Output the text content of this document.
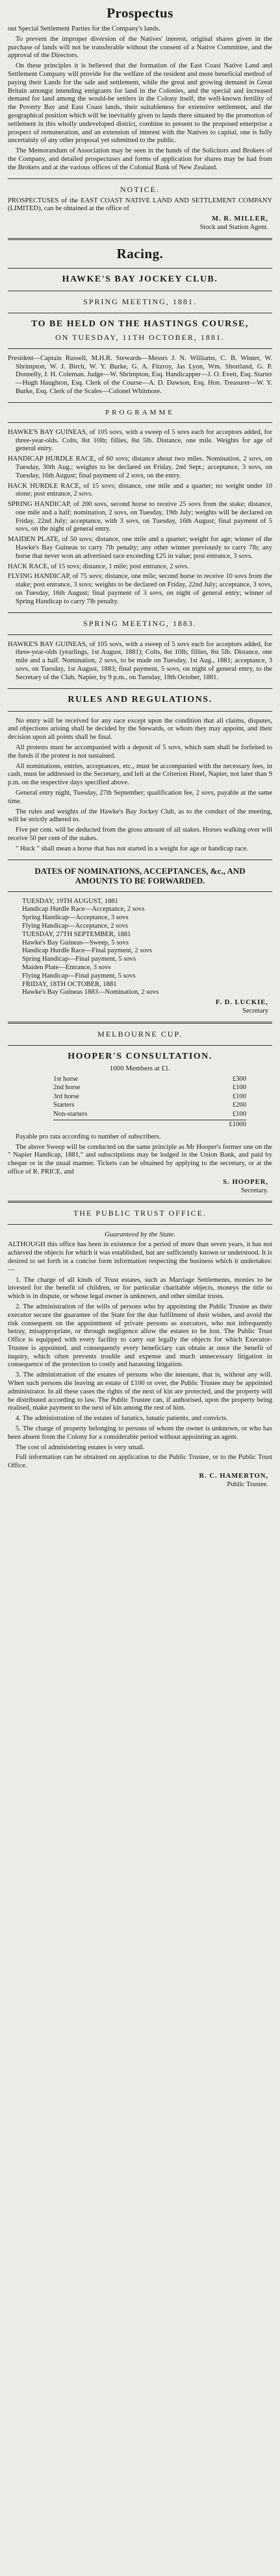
Prospectus

out Special Settlement Parties for the Company's lands.

To prevent the improper diversion of the Natives' interest, original shares given in the purchase of lands will not be transferable without the consent of a Native Committee, and the approval of the Directors.

On these principles it is believed that the formation of the East Coast Native Land and Settlement Company will provide for the welfare of the resident and more beneficial method of paying their Lands for the sale and settlement, while the great and growing demand in Great Britain amongst intending emigrants for land in the Colonies, and the special and increased demand for land among the would-be settlers in the Colony itself, the well-known fertility of the Poverty Bay and East Coast lands, their suitableness for extensive settlement, and the geographical position which will be inevitably given to lands there situated by the promotion of settlement in this wholly undeveloped district, combine to present to the proposed enterprise a prospect of remuneration, and an extension of interest with the Natives to capital, one is fully uncertainly of any other proposal yet submitted to the public.

The Memorandum of Association may be seen in the hands of the Solicitors and Brokers of the Company, and detailed prospectuses and forms of application for shares may be had from the Brokers and at the various offices of the Colonial Bank of New Zealand.

NOTICE.

PROSPECTUSES of the EAST COAST NATIVE LAND AND SETTLEMENT COMPANY (LIMITED), can be obtained at the office of

M. R. MILLER,
Stock and Station Agent.
Racing.
HAWKE'S BAY JOCKEY CLUB.
SPRING MEETING, 1881.
TO BE HELD ON THE HASTINGS COURSE,
ON TUESDAY, 11TH OCTOBER, 1881.

President—Captain Russell, M.H.R. Stewards—Messrs J. N. Williams, C. B. Winter, W. Shrimpton, W. J. Birch, W. Y. Burke, G. A. Fitzroy, Jas Lyon, Wm. Shortland, G. P. Donnelly, J. H. Coleman. Judge—W. Shrimpton, Esq. Handicapper—J. O. Evett, Esq. Starter—Hugh Haughton, Esq. Clerk of the Course—A. D. Dawson, Esq. Hon. Treasurer—W. Y. Burke, Esq. Clerk of the Scales—Colonel Whitmore.

PROGRAMME

HAWKE'S BAY GUINEAS, of 105 sovs, with a sweep of 5 sovs each for acceptors added, for three-year-olds. Colts, 8st 10lb; fillies, 8st 5lb. Distance, one mile. Weights for age of general entry.

HANDICAP HURDLE RACE, of 60 sovs; distance about two miles. Nomination, 2 sovs, on Tuesday, 30th Aug.; weights to be declared on Friday, 2nd Sept.; acceptance, 3 sovs, on Tuesday, 16th August; final payment of 2 sovs, on the entry.

HACK HURDLE RACE, of 15 sovs; distance, one mile and a quarter; no weight under 10 stone; post entrance, 2 sovs.

SPRING HANDICAP, of 200 sovs, second horse to receive 25 sovs from the stake; distance, one mile and a half; nomination, 2 sovs, on Tuesday, 19th July; weights will be declared on Friday, 22nd July; acceptance, with 3 sovs, on Tuesday, 16th August; final payment of 5 sovs, on the night of general entry.

MAIDEN PLATE, of 50 sovs; distance, one mile and a quarter; weight for age; winner of the Hawke's Bay Guineas to carry 7lb penalty; any other winner previously to carry 7lb; any horse that never won an advertised race exceeding £25 in value; post entrance, 3 sovs.

HACK RACE, of 15 sovs; distance, 1 mile; post entrance, 2 sovs.

FLYING HANDICAP, of 75 sovs; distance, one mile; second horse to receive 10 sovs from the stake; post entrance, 3 sovs; weights to be declared on Friday, 22nd July; acceptance, 3 sovs, on Tuesday, 16th August; final payment of 3 sovs, on night of general entry; winner of Spring Handicap to carry 7lb penalty.

SPRING MEETING, 1883.

HAWKE'S BAY GUINEAS, of 105 sovs, with a sweep of 5 sovs each for acceptors added, for three-year-olds (yearlings, 1st August, 1881); Colts, 8st 10lb; fillies, 8st 5lb. Distance, one mile and a half. Nomination, 2 sovs, to be made on Tuesday, 1st Aug., 1881; acceptance, 3 sovs, on Tuesday, 1st August, 1883; final payment, 5 sovs, on night of general entry, to the Secretary of the Club, Napier, by 9 p.m., on Tuesday, 18th October, 1881.

RULES AND REGULATIONS.

No entry will be received for any race except upon the condition that all claims, disputes, and objections arising shall be decided by the Stewards, or whom they may appoint, and their decision upon all points shall be final.

All protests must be accompanied with a deposit of 5 sovs, which sum shall be forfeited to the funds if the protest is not sustained.

All nominations, entries, acceptances, etc., must be accompanied with the necessary fees, in cash, must be addressed to the Secretary, and left at the Criterion Hotel, Napier, not later than 9 p.m. on the respective days specified above.

General entry night, Tuesday, 27th September; qualification fee, 2 sovs, payable at the same time.

The rules and weights of the Hawke's Bay Jockey Club, as to the conduct of the meeting, will be strictly adhered to.

Five per cent. will be deducted from the gross amount of all stakes. Horses walking over will receive 50 per cent of the stakes.

" Huck " shall mean a horse that has not started in a weight for age or handicap race.

DATES OF NOMINATIONS, ACCEPTANCES, &c., AND AMOUNTS TO BE FORWARDED.
TUESDAY, 19TH AUGUST, 1881
Handicap Hurdle Race—Acceptance, 2 sovs
Spring Handicap—Acceptance, 3 sovs
Flying Handicap—Acceptance, 2 sovs
TUESDAY, 27TH SEPTEMBER, 1881
Hawke's Bay Guineas—Sweep, 5 sovs
Handicap Hurdle Race—Final payment, 2 sovs
Spring Handicap—Final payment, 5 sovs
Maiden Plate—Entrance, 3 sovs
Flying Handicap—Final payment, 5 sovs
FRIDAY, 18TH OCTOBER, 1881
Hawke's Bay Guineas 1883—Nomination, 2 sovs
F. D. LUCKIE,
Secretary
MELBOURNE CUP.
HOOPER'S CONSULTATION.
1000 Members at £1.
1st horse	£300
2nd horse	£100
3rd horse	£100
Starters	£200
Non-starters	£100
£1000

Payable pro rata according to number of subscribers.

The above Sweep will be conducted on the same principle as Mr Hooper's former one on the " Napier Handicap, 1881," and subscriptions may be lodged in the Union Bank, and paid by cheque or in the usual manner. Tickets can be obtained by applying to the secretary, or at the office of R. PRICE, and

S. HOOPER,
Secretary.
THE PUBLIC TRUST OFFICE.
Guaranteed by the State.

ALTHOUGH this office has been in existence for a period of more than seven years, it has not achieved the objects for which it was established, but are sufficiently known or understood. It is desired to set forth in a concise form information respecting the business which it undertakes:—

1. The charge of all kinds of Trust estates, such as Marriage Settlements, monies to be invested for the benefit of children, or for particular charitable objects, moneys the title to which is in dispute, or whose legal owner is unknown, and other similar trusts.

2. The administration of the wills of persons who by appointing the Public Trustee as their executor secure the guarantee of the State for the due fulfilment of their wishes, and avoid the risk consequent on the appointment of private persons as executors, who not infrequently betray, misappropriate, or through negligence allow the estates to be lost. The Public Trust Office is equipped with every facility to carry out legally the objects for which Executor-Trustee is appointed, and consequently every beneficiary can obtain at once the benefit of inquiry, which often prevents trouble and expense and much unnecessary litigation in consequence of the protection to costly and harassing litigation.

3. The administration of the estates of persons who die intestate, that is, without any will. When such persons die leaving an estate of £100 or over, the Public Trustee may be appointed administrator. In all these cases the rights of the next of kin are protected, and the property will be distributed according to law. The Public Trustee can, if authorised, upon the property being realised, make payment to the next of kin among the rest of him.

4. The administration of the estates of lunatics, lunatic patients, and convicts.

5. The charge of property belonging to persons of whom the owner is unknown, or who has been absent from the Colony for a considerable period without appointing an agent.

The cost of administering estates is very small.

Full information can be obtained on application to the Public Trustee, or to the Public Trust Office.

R. C. HAMERTON,
Public Trustee.
